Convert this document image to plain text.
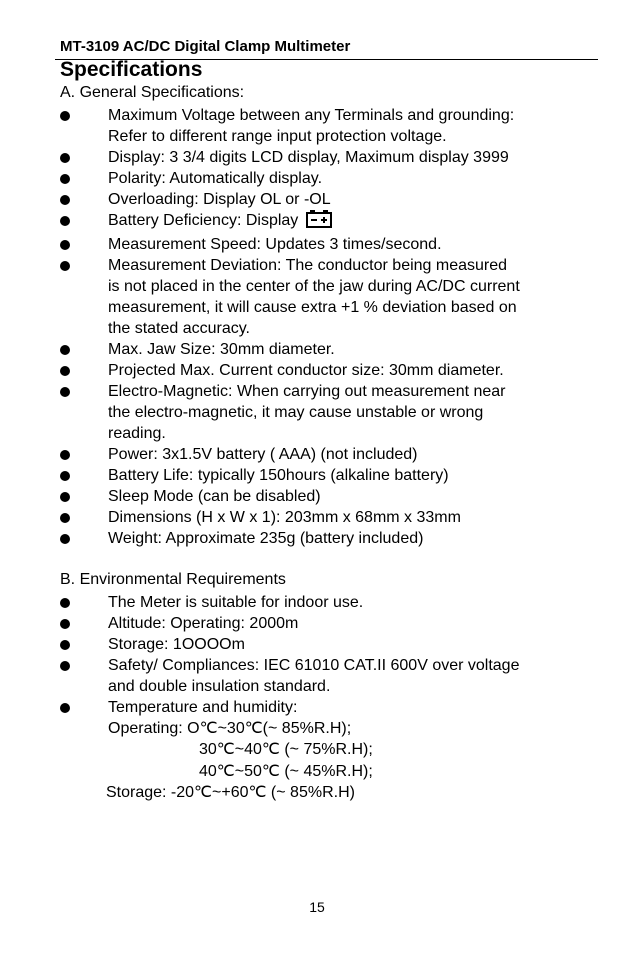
MT-3109 AC/DC Digital Clamp Multimeter
Specifications
A. General Specifications:
Maximum Voltage between any Terminals and grounding:
Refer to different range input protection voltage.
Display: 3 3/4 digits LCD display, Maximum display 3999
Polarity: Automatically display.
Overloading: Display OL or -OL
Battery Deficiency: Display
Measurement Speed: Updates 3 times/second.
Measurement Deviation: The conductor being measured
is not placed in the center of the jaw during AC/DC current
measurement, it will cause extra +1 % deviation based on
the stated accuracy.
Max. Jaw Size: 30mm diameter.
Projected Max. Current conductor size: 30mm diameter.
Electro-Magnetic: When carrying out measurement near
the electro-magnetic, it may cause unstable or wrong
reading.
Power: 3x1.5V battery ( AAA) (not included)
Battery Life: typically 150hours (alkaline battery)
Sleep Mode (can be disabled)
Dimensions (H x W x 1): 203mm x 68mm x 33mm
Weight: Approximate 235g (battery included)
B. Environmental Requirements
The Meter is suitable for indoor use.
Altitude: Operating: 2000m
Storage: 1OOOOm
Safety/ Compliances: IEC 61010 CAT.II 600V over voltage
and double insulation standard.
Temperature and humidity:
Operating: O℃~30℃(~ 85%R.H);
30℃~40℃ (~ 75%R.H);
40℃~50℃ (~ 45%R.H);
Storage: -20℃~+60℃ (~ 85%R.H)
15
